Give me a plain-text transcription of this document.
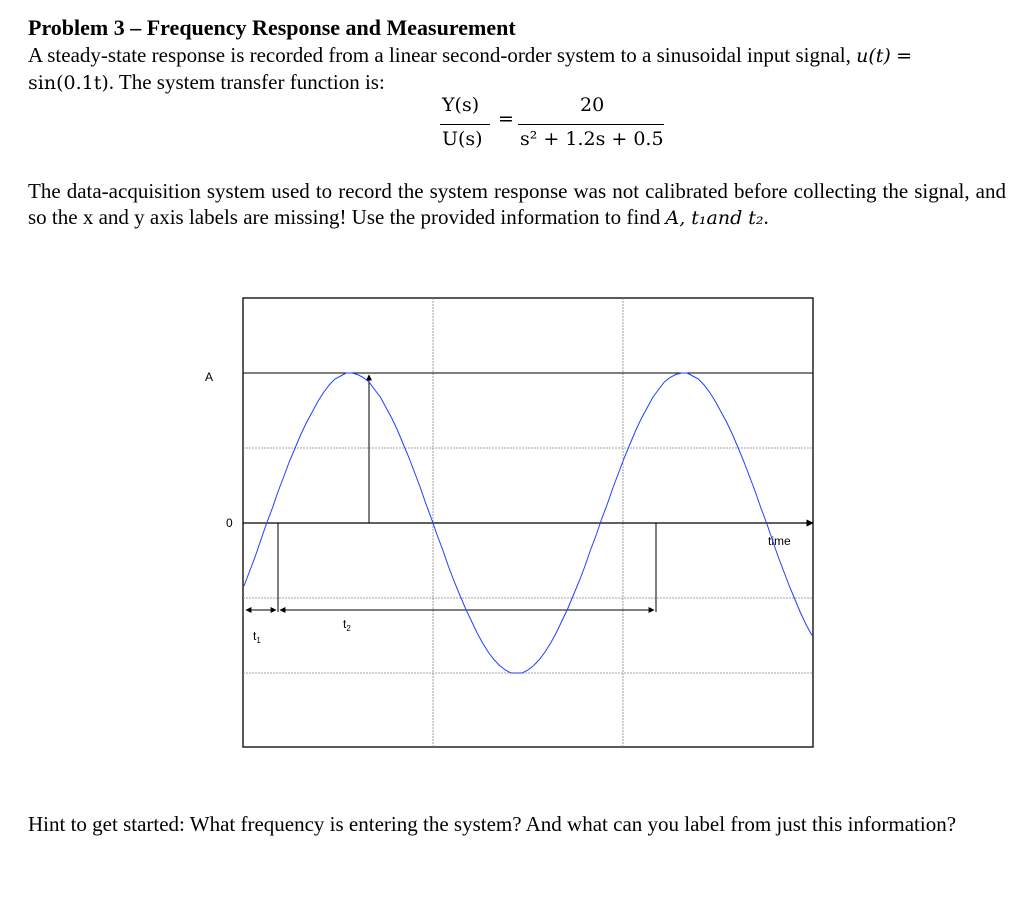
Problem 3 – Frequency Response and Measurement
A steady-state response is recorded from a linear second-order system to a sinusoidal input signal, u(t) =
sin(0.1t). The system transfer function is:
Y(s)
U(s)
=
20
s² + 1.2s + 0.5
The data-acquisition system used to record the system response was not calibrated before collecting the signal, and so the x and y axis labels are missing! Use the provided information to find A, t₁and t₂.
A
0
time
$t_1$
$t_2$
Hint to get started: What frequency is entering the system? And what can you label from just this information?
